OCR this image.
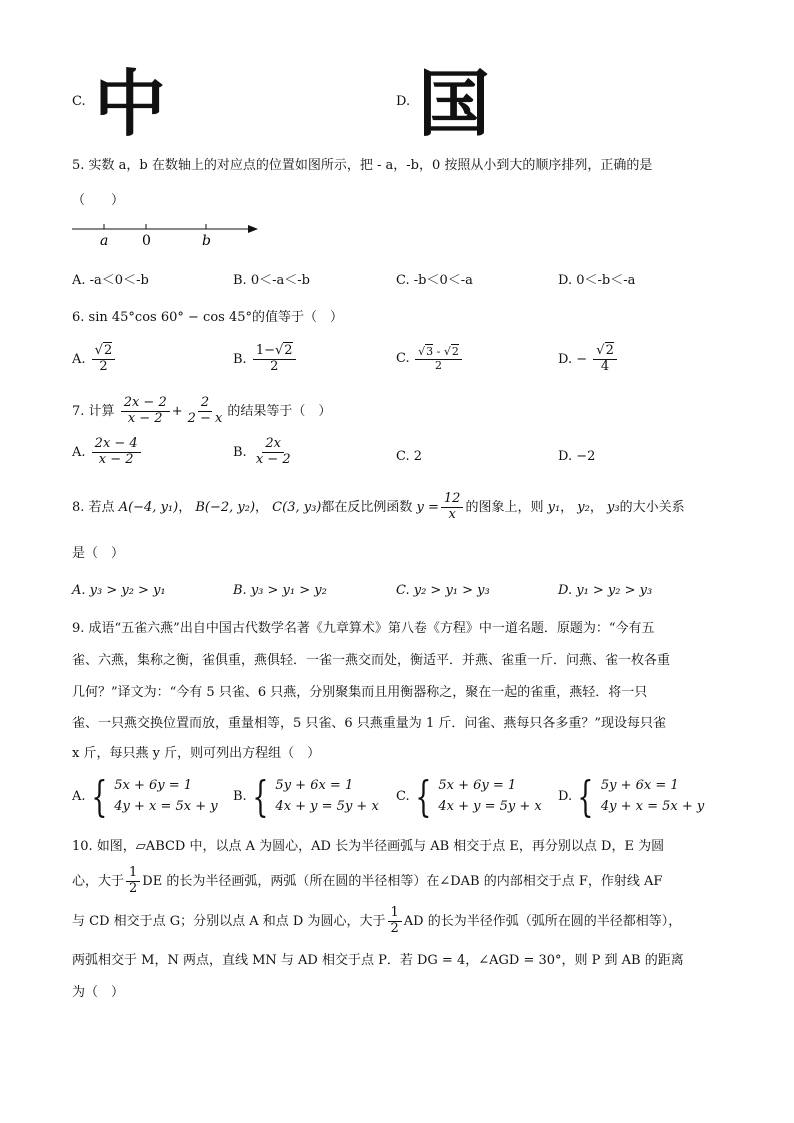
C. 中	D. 国
5. 实数 a，b 在数轴上的对应点的位置如图所示，把 - a，-b，0 按照从小到大的顺序排列，正确的是
（　　）
a 0	b
A. -a＜0＜-b	B. 0＜-a＜-b	C. -b＜0＜-a	D. 0＜-b＜-a
6. sin 45°cos 60° − cos 45°的值等于（　）
A. $\frac{√2}{2}$	B. $\frac{1-√2}{2}$	C. $\frac{√3 - √2}{2}$	D. − $\frac{√2}{4}$
7. 计算 $\frac{2x - 2}{x - 2} + \frac{2}{2 - x}$ 的结果等于（　）
A. $\frac{2x - 4}{x - 2}$	B. $\frac{2x}{x - 2}$	C. 2	D. −2
8. 若点 A(−4, y₁)， B(−2, y₂)， C(3, y₃)都在反比例函数 $y = \frac{12}{x}$ 的图象上，则 y₁， y₂， y₃的大小关系
是（　）
A. y₃ > y₂ > y₁	B. y₃ > y₁ > y₂	C. y₂ > y₁ > y₃	D. y₁ > y₂ > y₃
9. 成语“五雀六燕”出自中国古代数学名著《九章算术》第八卷《方程》中一道名题．原题为：“今有五
雀、六燕，集称之衡，雀俱重，燕俱轻．一雀一燕交而处，衡适平．并燕、雀重一斤．问燕、雀一枚各重
几何？”译文为：“今有 5 只雀、6 只燕，分别聚集而且用衡器称之，聚在一起的雀重，燕轻．将一只
雀、一只燕交换位置而放，重量相等，5 只雀、6 只燕重量为 1 斤．问雀、燕每只各多重？”现设每只雀
x 斤，每只燕 y 斤，则可列出方程组（　）
A. { 5x + 6y = 1
4y + x = 5x + y
B. { 5y + 6x = 1
4x + y = 5y + x
C. { 5x + 6y = 1
4x + y = 5y + x
D. { 5y + 6x = 1
4y + x = 5x + y
10. 如图，▱ABCD 中，以点 A 为圆心，AD 长为半径画弧与 AB 相交于点 E，再分别以点 D，E 为圆
心，大于 $\frac{1}{2}$ DE 的长为半径画弧，两弧（所在圆的半径相等）在∠DAB 的内部相交于点 F，作射线 AF
与 CD 相交于点 G；分别以点 A 和点 D 为圆心，大于 $\frac{1}{2}$ AD 的长为半径作弧（弧所在圆的半径都相等），
两弧相交于 M，N 两点，直线 MN 与 AD 相交于点 P．若 DG = 4，∠AGD = 30°，则 P 到 AB 的距离
为（　）
